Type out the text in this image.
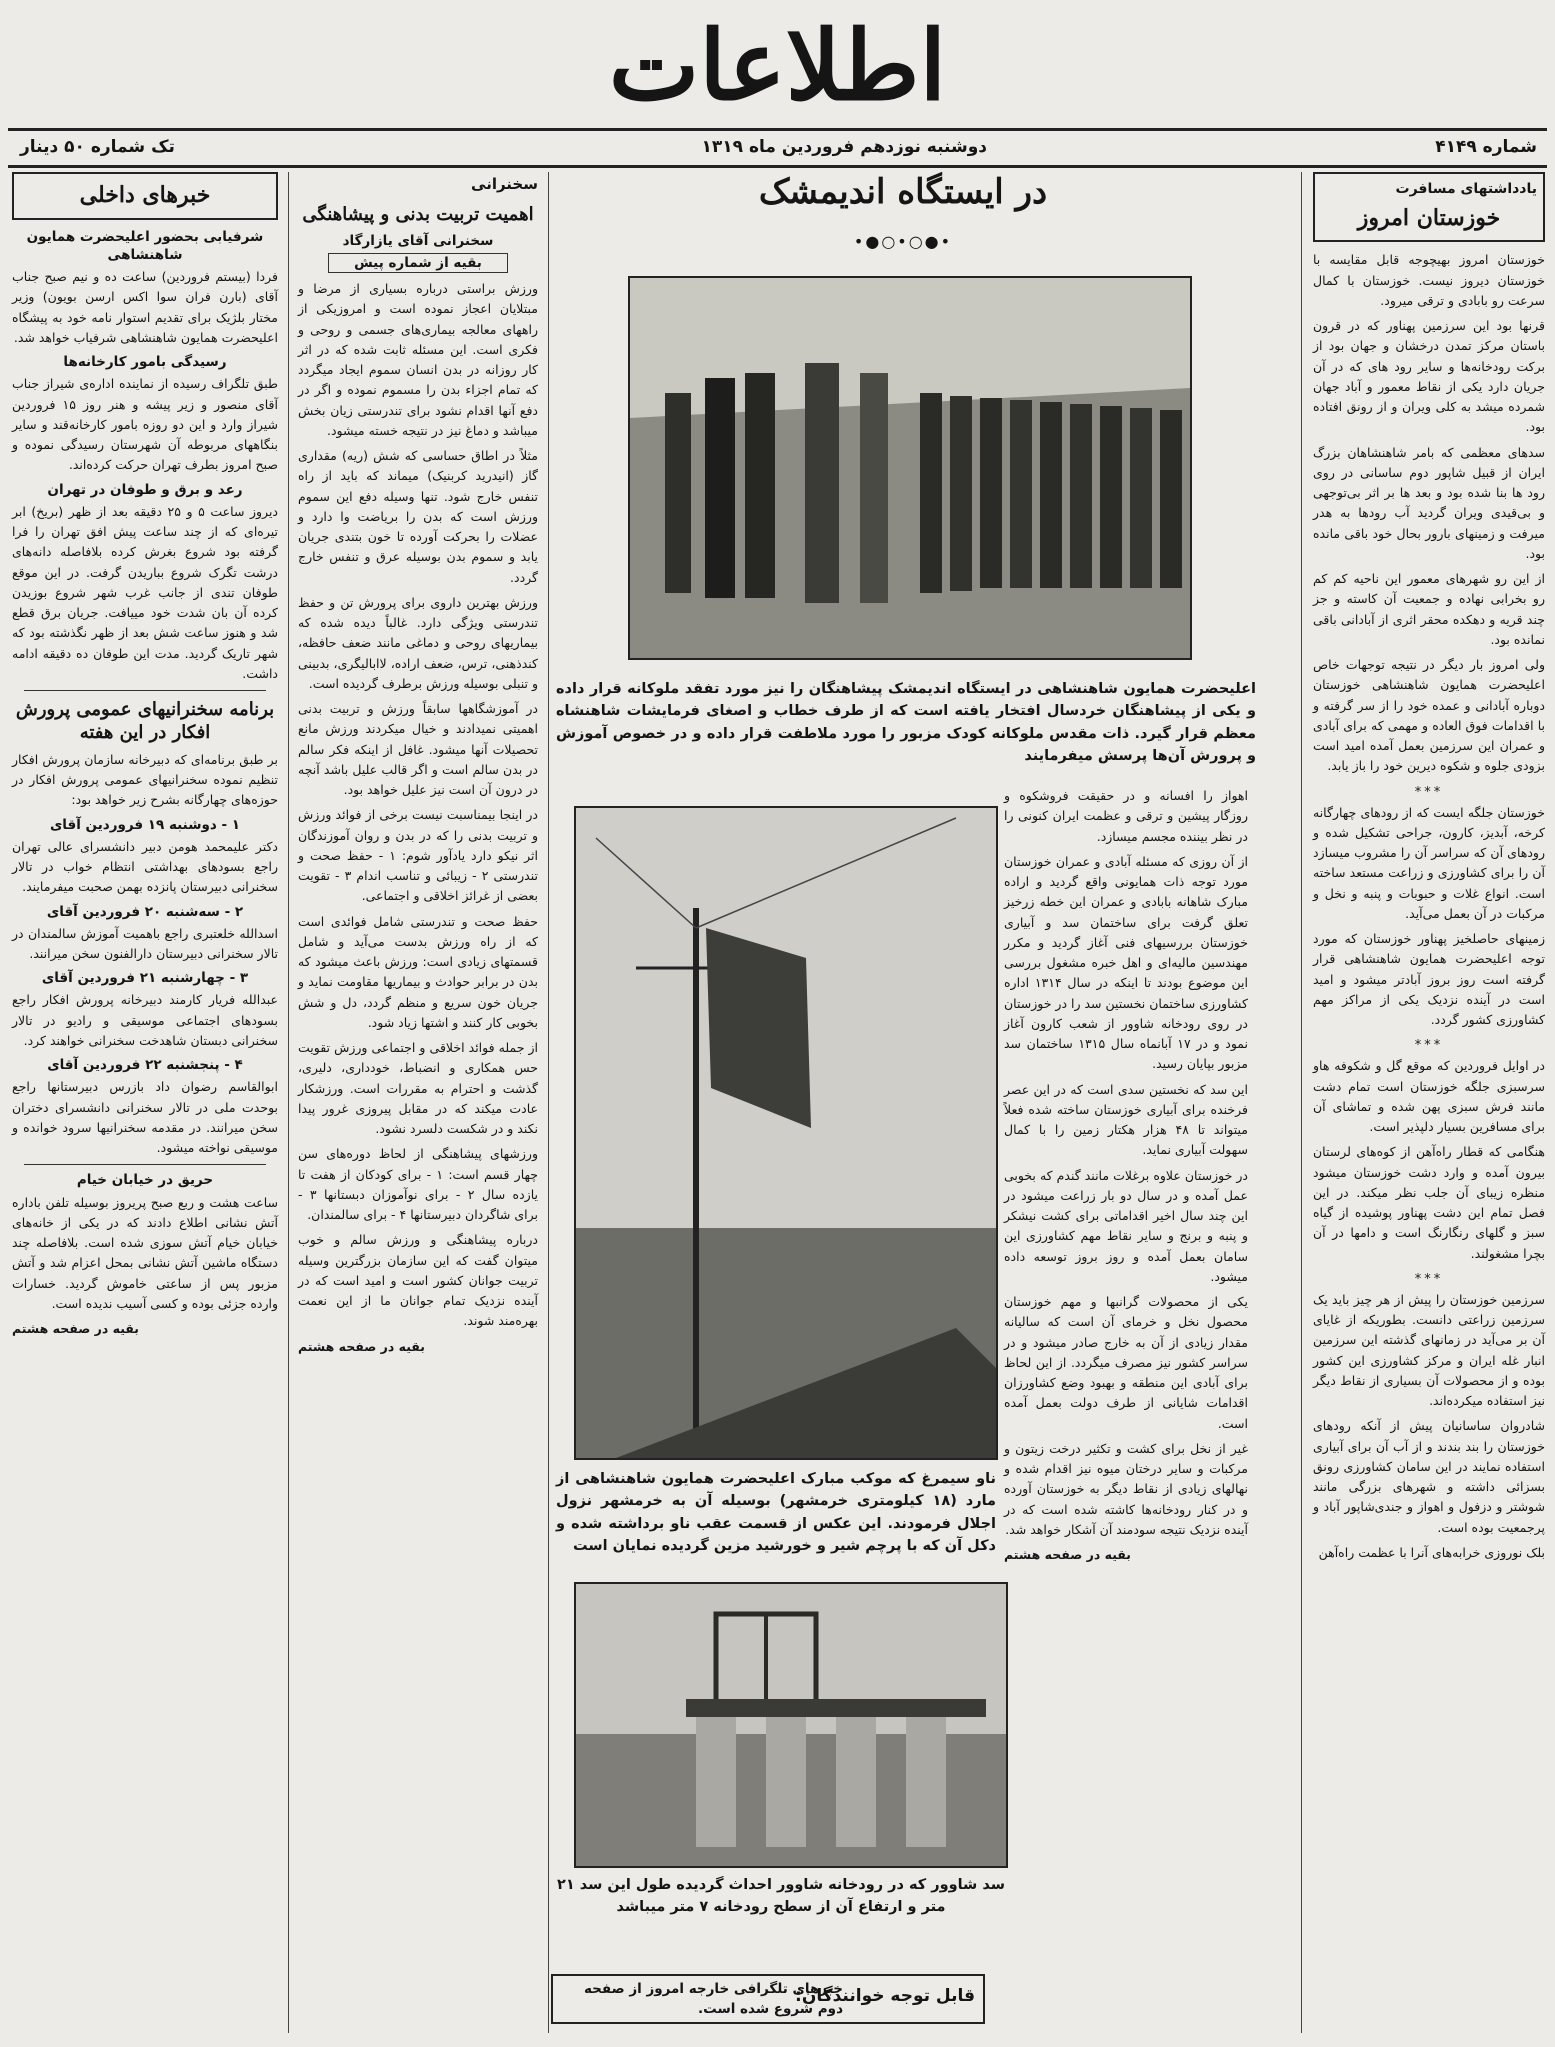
اطلاعات
شماره ۴۱۴۹
دوشنبه نوزدهم فروردین ماه ۱۳۱۹
تک شماره ۵۰ دینار
یادداشتهای مسافرت
خوزستان امروز

خوزستان امروز بهیچوجه قابل مقایسه با خوزستان دیروز نیست. خوزستان با کمال سرعت رو بابادی و ترقی میرود.

قرنها بود این سرزمین پهناور که در قرون باستان مرکز تمدن درخشان و جهان بود از برکت رودخانه‌ها و سایر رود های که در آن جریان دارد یکی از نقاط معمور و آباد جهان شمرده میشد به کلی ویران و از رونق افتاده بود.

سدهای معظمی که بامر شاهنشاهان بزرگ ایران از قبیل شاپور دوم ساسانی در روی رود ها بنا شده بود و بعد ها بر اثر بی‌توجهی و بی‌قیدی ویران گردید آب رودها به هدر میرفت و زمینهای بارور بحال خود باقی مانده بود.

از این رو شهرهای معمور این ناحیه کم کم رو بخرابی نهاده و جمعیت آن کاسته و جز چند قریه و دهکده محقر اثری از آبادانی باقی نمانده بود.

ولی امروز بار دیگر در نتیجه توجهات خاص اعلیحضرت همایون شاهنشاهی خوزستان دوباره آبادانی و عمده خود را از سر گرفته و با اقدامات فوق العاده و مهمی که برای آبادی و عمران این سرزمین بعمل آمده امید است بزودی جلوه و شکوه دیرین خود را باز یابد.

***

خوزستان جلگه ایست که از رودهای چهارگانه کرخه، آبدیز، کارون، جراحی تشکیل شده و رودهای آن که سراسر آن را مشروب میسازد آن را برای کشاورزی و زراعت مستعد ساخته است. انواع غلات و حبوبات و پنبه و نخل و مرکبات در آن بعمل می‌آید.

زمینهای حاصلخیز پهناور خوزستان که مورد توجه اعلیحضرت همایون شاهنشاهی قرار گرفته است روز بروز آبادتر میشود و امید است در آینده نزدیک یکی از مراکز مهم کشاورزی کشور گردد.

***

در اوایل فروردین که موقع گل و شکوفه هاو سرسبزی جلگه خوزستان است تمام دشت مانند فرش سبزی پهن شده و تماشای آن برای مسافرین بسیار دلپذیر است.

هنگامی که قطار راه‌آهن از کوه‌های لرستان بیرون آمده و وارد دشت خوزستان میشود منظره زیبای آن جلب نظر میکند. در این فصل تمام این دشت پهناور پوشیده از گیاه سبز و گلهای رنگارنگ است و دامها در آن بچرا مشغولند.

***

سرزمین خوزستان را پیش از هر چیز باید یک سرزمین زراعتی دانست. بطوریکه از غایای آن بر می‌آید در زمانهای گذشته این سرزمین انبار غله ایران و مرکز کشاورزی این کشور بوده و از محصولات آن بسیاری از نقاط دیگر نیز استفاده میکرده‌اند.

شادروان ساسانیان پیش از آنکه رودهای خوزستان را بند بندند و از آب آن برای آبیاری استفاده نمایند در این سامان کشاورزی رونق بسزائی داشته و شهرهای بزرگی مانند شوشتر و دزفول و اهواز و جندی‌شاپور آباد و پرجمعیت بوده است.

بلک نوروزی خرابه‌های آنرا با عظمت راه‌آهن

در ایستگاه اندیمشک
•●○•○●•
اعلیحضرت همایون شاهنشاهی در ایستگاه اندیمشک پیشاهنگان را نیز مورد تفقد ملوکانه قرار داده و یکی از پیشاهنگان خردسال افتخار یافته است که از طرف خطاب و اصغای فرمایشات شاهنشاه معظم قرار گیرد. ذات مقدس ملوکانه کودک مزبور را مورد ملاطفت قرار داده و در خصوص آموزش و پرورش آن‌ها پرسش میفرمایند
ناو سیمرغ که موکب مبارک اعلیحضرت همایون شاهنشاهی از مارد (۱۸ کیلومتری خرمشهر) بوسیله آن به خرمشهر نزول اجلال فرمودند. این عکس از قسمت عقب ناو برداشته شده و دکل آن که با پرچم شیر و خورشید مزین گردیده نمایان است
سد شاوور که در رودخانه شاوور احداث گردیده طول این سد ۲۱ متر و ارتفاع آن از سطح رودخانه ۷ متر میباشد
قابل توجه خوانندگان:
خبرهای تلگرافی خارجه امروز از صفحه دوم شروع شده است.

اهواز را افسانه و در حقیقت فروشکوه و روزگار پیشین و ترقی و عظمت ایران کنونی را در نظر بیننده مجسم میسازد.

از آن روزی که مسئله آبادی و عمران خوزستان مورد توجه ذات همایونی واقع گردید و اراده مبارک شاهانه بابادی و عمران این خطه زرخیز تعلق گرفت برای ساختمان سد و آبیاری خوزستان بررسیهای فنی آغاز گردید و مکرر مهندسین مالیه‌ای و اهل خبره مشغول بررسی این موضوع بودند تا اینکه در سال ۱۳۱۴ اداره کشاورزی ساختمان نخستین سد را در خوزستان در روی رودخانه شاوور از شعب کارون آغاز نمود و در ۱۷ آبانماه سال ۱۳۱۵ ساختمان سد مزبور بپایان رسید.

این سد که نخستین سدی است که در این عصر فرخنده برای آبیاری خوزستان ساخته شده فعلاً میتواند تا ۴۸ هزار هکتار زمین را با کمال سهولت آبیاری نماید.

در خوزستان علاوه برغلات مانند گندم که بخوبی عمل آمده و در سال دو بار زراعت میشود در این چند سال اخیر اقداماتی برای کشت نیشکر و پنبه و برنج و سایر نقاط مهم کشاورزی این سامان بعمل آمده و روز بروز توسعه داده میشود.

یکی از محصولات گرانبها و مهم خوزستان محصول نخل و خرمای آن است که سالیانه مقدار زیادی از آن به خارج صادر میشود و در سراسر کشور نیز مصرف میگردد. از این لحاظ برای آبادی این منطقه و بهبود وضع کشاورزان اقدامات شایانی از طرف دولت بعمل آمده است.

غیر از نخل برای کشت و تکثیر درخت زیتون و مرکبات و سایر درختان میوه نیز اقدام شده و نهالهای زیادی از نقاط دیگر به خوزستان آورده و در کنار رودخانه‌ها کاشته شده است که در آینده نزدیک نتیجه سودمند آن آشکار خواهد شد.

بقیه در صفحه هشتم
سخنرانی
اهمیت تربیت بدنی و پیشاهنگی
سخنرانی آقای یازارگاد
بقیه از شماره پیش

ورزش براستی درباره بسیاری از مرضا و مبتلایان اعجاز نموده است و امروزیکی از راههای معالجه بیماری‌های جسمی و روحی و فکری است. این مسئله ثابت شده که در اثر کار روزانه در بدن انسان سموم ایجاد میگردد که تمام اجزاء بدن را مسموم نموده و اگر در دفع آنها اقدام نشود برای تندرستی زیان بخش میباشد و دماغ نیز در نتیجه خسته میشود.

مثلاً در اطاق حساسی که شش (ریه) مقداری گاز (انیدرید کربنیک) میماند که باید از راه تنفس خارج شود. تنها وسیله دفع این سموم ورزش است که بدن را بریاضت وا دارد و عضلات را بحرکت آورده تا خون بتندی جریان یابد و سموم بدن بوسیله عرق و تنفس خارج گردد.

ورزش بهترین داروی برای پرورش تن و حفظ تندرستی ویژگی دارد. غالباً دیده شده که بیماریهای روحی و دماغی مانند ضعف حافظه، کندذهنی، ترس، ضعف اراده، لاابالیگری، بدبینی و تنبلی بوسیله ورزش برطرف گردیده است.

در آموزشگاهها سابقاً ورزش و تربیت بدنی اهمیتی نمیدادند و خیال میکردند ورزش مانع تحصیلات آنها میشود. غافل از اینکه فکر سالم در بدن سالم است و اگر قالب علیل باشد آنچه در درون آن است نیز علیل خواهد بود.

در اینجا بیمناسبت نیست برخی از فوائد ورزش و تربیت بدنی را که در بدن و روان آموزندگان اثر نیکو دارد یادآور شوم: ۱ - حفظ صحت و تندرستی ۲ - زیبائی و تناسب اندام ۳ - تقویت بعضی از غرائز اخلاقی و اجتماعی.

حفظ صحت و تندرستی شامل فوائدی است که از راه ورزش بدست می‌آید و شامل قسمتهای زیادی است: ورزش باعث میشود که بدن در برابر حوادث و بیماریها مقاومت نماید و جریان خون سریع و منظم گردد، دل و شش بخوبی کار کنند و اشتها زیاد شود.

از جمله فوائد اخلاقی و اجتماعی ورزش تقویت حس همکاری و انضباط، خودداری، دلیری، گذشت و احترام به مقررات است. ورزشکار عادت میکند که در مقابل پیروزی غرور پیدا نکند و در شکست دلسرد نشود.

ورزشهای پیشاهنگی از لحاظ دوره‌های سن چهار قسم است: ۱ - برای کودکان از هفت تا یازده سال ۲ - برای نوآموزان دبستانها ۳ - برای شاگردان دبیرستانها ۴ - برای سالمندان.

درباره پیشاهنگی و ورزش سالم و خوب میتوان گفت که این سازمان بزرگترین وسیله تربیت جوانان کشور است و امید است که در آینده نزدیک تمام جوانان ما از این نعمت بهره‌مند شوند.

بقیه در صفحه هشتم
خبرهای داخلی
شرفیابی بحضور اعلیحضرت همایون شاهنشاهی

فردا (بیستم فروردین) ساعت ده و نیم صبح جناب آقای (بارن فران سوا اکس ارسن بویون) وزیر مختار بلژیک برای تقدیم استوار نامه خود به پیشگاه اعلیحضرت همایون شاهنشاهی شرفیاب خواهد شد.

رسیدگی بامور کارخانه‌ها

طبق تلگراف رسیده از نماینده اداره‌ی شیراز جناب آقای منصور و زیر پیشه و هنر روز ۱۵ فروردین شیراز وارد و این دو روزه بامور کارخانه‌قند و سایر بنگاههای مربوطه آن شهرستان رسیدگی نموده و صبح امروز بطرف تهران حرکت کرده‌اند.

رعد و برق و طوفان در تهران

دیروز ساعت ۵ و ۲۵ دقیقه بعد از ظهر (بریخ) ابر تیره‌ای که از چند ساعت پیش افق تهران را فرا گرفته بود شروع بغرش کرده بلافاصله دانه‌های درشت تگرک شروع بباریدن گرفت. در این موقع طوفان تندی از جانب غرب شهر شروع بوزیدن کرده آن بان شدت خود مییافت. جریان برق قطع شد و هنوز ساعت شش بعد از ظهر نگذشته بود که شهر تاریک گردید. مدت این طوفان ده دقیقه ادامه داشت.

برنامه سخنرانیهای عمومی پرورش افکار در این هفته

بر طبق برنامه‌ای که دبیرخانه سازمان پرورش افکار تنظیم نموده سخنرانیهای عمومی پرورش افکار در حوزه‌های چهارگانه بشرح زیر خواهد بود:

۱ - دوشنبه ۱۹ فروردین آقای

دکتر علیمحمد هومن دبیر دانشسرای عالی تهران راجع بسودهای بهداشتی انتظام خواب در تالار سخنرانی دبیرستان پانزده بهمن صحبت میفرمایند.

۲ - سه‌شنبه ۲۰ فروردین آقای

اسدالله خلعتبری راجع باهمیت آموزش سالمندان در تالار سخنرانی دبیرستان دارالفنون سخن میرانند.

۳ - چهارشنبه ۲۱ فروردین آقای

عبدالله فریار کارمند دبیرخانه پرورش افکار راجع بسودهای اجتماعی موسیقی و رادیو در تالار سخنرانی دبستان شاهدخت سخنرانی خواهند کرد.

۴ - پنجشنبه ۲۲ فروردین آقای

ابوالقاسم رضوان داد بازرس دبیرستانها راجع بوحدت ملی در تالار سخنرانی دانشسرای دختران سخن میرانند. در مقدمه سخنرانیها سرود خوانده و موسیقی نواخته میشود.

حریق در خیابان خیام

ساعت هشت و ربع صبح پریروز بوسیله تلفن باداره آتش نشانی اطلاع دادند که در یکی از خانه‌های خیابان خیام آتش سوزی شده است. بلافاصله چند دستگاه ماشین آتش نشانی بمحل اعزام شد و آتش مزبور پس از ساعتی خاموش گردید. خسارات وارده جزئی بوده و کسی آسیب ندیده است.

بقیه در صفحه هشتم
